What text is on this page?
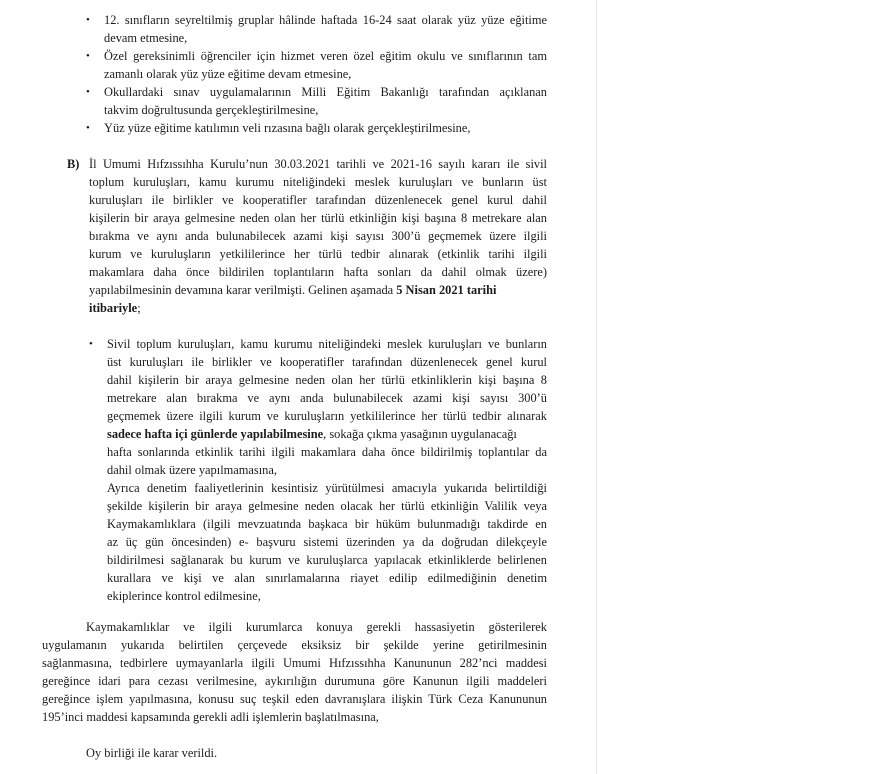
• 12. sınıfların seyreltilmiş gruplar hâlinde haftada 16-24 saat olarak yüz yüze eğitime
devam etmesine,
• Özel gereksinimli öğrenciler için hizmet veren özel eğitim okulu ve sınıflarının tam
zamanlı olarak yüz yüze eğitime devam etmesine,
• Okullardaki sınav uygulamalarının Milli Eğitim Bakanlığı tarafından açıklanan
takvim doğrultusunda gerçekleştirilmesine,
• Yüz yüze eğitime katılımın veli rızasına bağlı olarak gerçekleştirilmesine,
B) İl Umumi Hıfzıssıhha Kurulu’nun 30.03.2021 tarihli ve 2021-16 sayılı kararı ile sivil
toplum kuruluşları, kamu kurumu niteliğindeki meslek kuruluşları ve bunların üst
kuruluşları ile birlikler ve kooperatifler tarafından düzenlenecek genel kurul dahil
kişilerin bir araya gelmesine neden olan her türlü etkinliğin kişi başına 8 metrekare alan
bırakma ve aynı anda bulunabilecek azami kişi sayısı 300’ü geçmemek üzere ilgili
kurum ve kuruluşların yetkililerince her türlü tedbir alınarak (etkinlik tarihi ilgili
makamlara daha önce bildirilen toplantıların hafta sonları da dahil olmak üzere)
yapılabilmesinin devamına karar verilmişti. Gelinen aşamada 5 Nisan 2021 tarihi
itibariyle;
• Sivil toplum kuruluşları, kamu kurumu niteliğindeki meslek kuruluşları ve bunların
üst kuruluşları ile birlikler ve kooperatifler tarafından düzenlenecek genel kurul
dahil kişilerin bir araya gelmesine neden olan her türlü etkinliklerin kişi başına 8
metrekare alan bırakma ve aynı anda bulunabilecek azami kişi sayısı 300’ü
geçmemek üzere ilgili kurum ve kuruluşların yetkililerince her türlü tedbir alınarak
sadece hafta içi günlerde yapılabilmesine, sokağa çıkma yasağının uygulanacağı
hafta sonlarında etkinlik tarihi ilgili makamlara daha önce bildirilmiş toplantılar da
dahil olmak üzere yapılmamasına,
Ayrıca denetim faaliyetlerinin kesintisiz yürütülmesi amacıyla yukarıda belirtildiği
şekilde kişilerin bir araya gelmesine neden olacak her türlü etkinliğin Valilik veya
Kaymakamlıklara (ilgili mevzuatında başkaca bir hüküm bulunmadığı takdirde en
az üç gün öncesinden) e- başvuru sistemi üzerinden ya da doğrudan dilekçeyle
bildirilmesi sağlanarak bu kurum ve kuruluşlarca yapılacak etkinliklerde belirlenen
kurallara ve kişi ve alan sınırlamalarına riayet edilip edilmediğinin denetim
ekiplerince kontrol edilmesine,
Kaymakamlıklar ve ilgili kurumlarca konuya gerekli hassasiyetin gösterilerek
uygulamanın yukarıda belirtilen çerçevede eksiksiz bir şekilde yerine getirilmesinin
sağlanmasına, tedbirlere uymayanlarla ilgili Umumi Hıfzıssıhha Kanununun 282’nci maddesi
gereğince idari para cezası verilmesine, aykırılığın durumuna göre Kanunun ilgili maddeleri
gereğince işlem yapılmasına, konusu suç teşkil eden davranışlara ilişkin Türk Ceza Kanununun
195’inci maddesi kapsamında gerekli adli işlemlerin başlatılmasına,
Oy birliği ile karar verildi.
